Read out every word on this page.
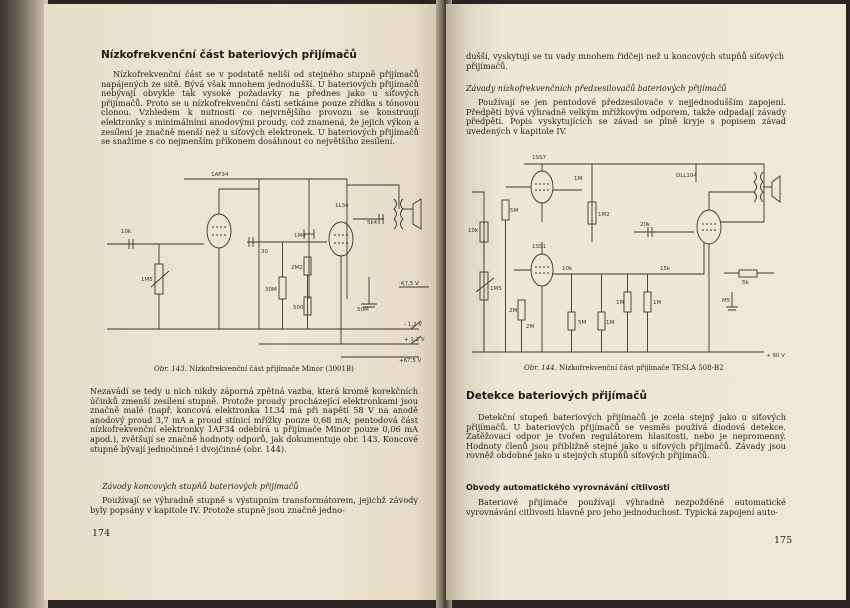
Nízkofrekvenční část bateriových přijímačů
Nízkofrekvenční část se v podstatě neliší od stejného stupně přijímačů napájených ze sítě. Bývá však mnohem jednodušší. U bateriových přijímačů nebývají obvykle tak vysoké požadavky na přednes jako u síťových přijímačů. Proto se u nízkofrekvenční části setkáme pouze zřídka s tónovou clonou. Vzhledem k nutnosti co nejvrnějšího provozu se konstruují elektronky s minimálními anodovými proudy, což znamená, že jejich výkon a zesílení je značně menší než u síťových elektronek. U bateriových přijímačů se snažíme s co nejmenším příkonem dosáhnout co největšího zesílení.
1AF34
1L34
10k
1M5
30
1M4
30M
2M2
500
5k4
50M
-67,5 V
+ 1,2 V
+67,5 V
- 1,2 V
Obr. 143. Nízkofrekvenční část přijímače Minor (3001B)
Nezavádí se tedy u nich nikdy záporná zpětná vazba, která kromě korekčních účinků zmenší zesílení stupně. Protože proudy procházející elektronkami jsou značně malé (např. koncová elektronka 1L34 má při napětí 58 V na anodě anodový proud 3,7 mA a proud stínicí mřížky pouze 0,68 mA; pentodová část nízkofrekvenční elektronky 1AF34 odebírá u přijímače Minor pouze 0,06 mA apod.), zvětšují se značně hodnoty odporů, jak dokumentuje obr. 143. Koncové stupně bývají jednočinné i dvojčinné (obr. 144).
Závody koncových stupňů bateriových přijímačů
Používají se výhradně stupně s výstupním transformátorem, jejichž závody byly popsány v kapitole IV. Protože stupně jsou značně jedno-
174
dušší, vyskytují se tu vady mnohem řidčeji než u koncových stupňů síťových přijímačů.
Závady nízkofrekvenčních předzesilovačů bateriových přijímačů
Používají se jen pentodové předzesilovače v nejjednodušším zapojení. Předpětí bývá výhradně velkým mřížkovým odporem, takže odpadají závady předpětí. Popis vyskytujících se závad se plně kryje s popisem závad uvedených v kapitole IV.
1SS7
1SS1
DLL104
10k
5M
1M
1M5
1M2
2M
10k
5M
20k
1M	1M
5k
M5
15k
1M
2M
+ 90 V
Obr. 144. Nízkofrekvenční část přijímače TESLA 508-B2
Detekce bateriových přijímačů
Detekční stupeň bateriových přijímačů je zcela stejný jako u síťových přijímačů. U bateriových přijímačů se vesměs používá diodová detekce. Zatěžovací odpor je tvořen regulátorem hlasitosti, nebo je nepromenný. Hodnoty členů jsou přibližně stejné jako u síťových přijímačů. Závady jsou rovněž obdobné jako u stejných stupňů síťových přijímačů.
Obvody automatického vyrovnávání citlivosti
Bateriové přijímače používají výhradně nezpožděné automatické vyrovnávání citlivosti hlavně pro jeho jednoduchost. Typická zapojení auto-
175
